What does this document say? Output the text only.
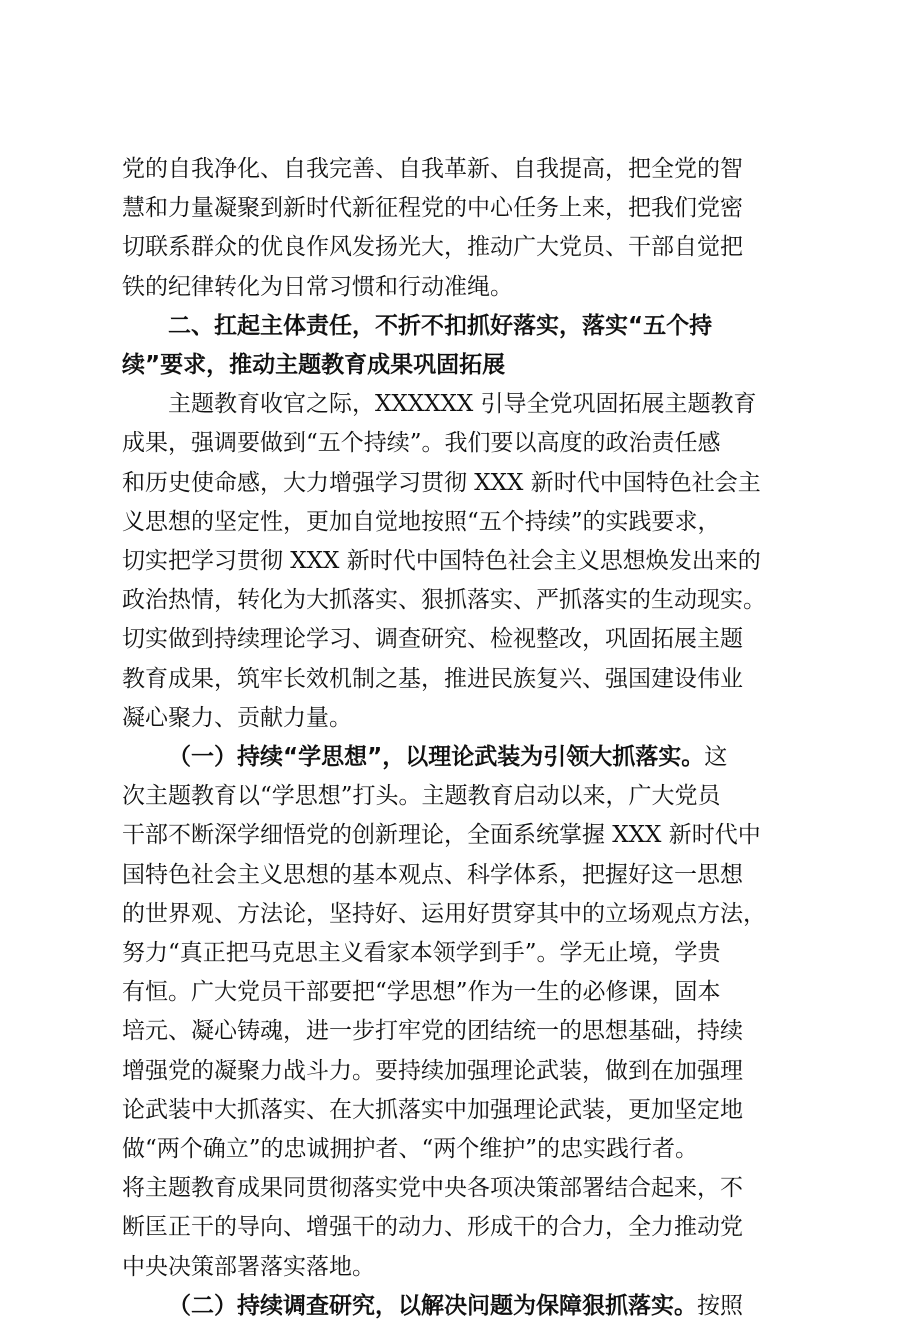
党的自我净化、自我完善、自我革新、自我提高，把全党的智
慧和力量凝聚到新时代新征程党的中心任务上来，把我们党密
切联系群众的优良作风发扬光大，推动广大党员、干部自觉把
铁的纪律转化为日常习惯和行动准绳。

二、扛起主体责任，不折不扣抓好落实，落实“五个持
续”要求，推动主题教育成果巩固拓展

主题教育收官之际，XXXXXX 引导全党巩固拓展主题教育
成果，强调要做到“五个持续”。我们要以高度的政治责任感
和历史使命感，大力增强学习贯彻 XXX 新时代中国特色社会主
义思想的坚定性，更加自觉地按照“五个持续”的实践要求，
切实把学习贯彻 XXX 新时代中国特色社会主义思想焕发出来的
政治热情，转化为大抓落实、狠抓落实、严抓落实的生动现实。
切实做到持续理论学习、调查研究、检视整改，巩固拓展主题
教育成果，筑牢长效机制之基，推进民族复兴、强国建设伟业
凝心聚力、贡献力量。

（一）持续“学思想”，以理论武装为引领大抓落实。这
次主题教育以“学思想”打头。主题教育启动以来，广大党员
干部不断深学细悟党的创新理论，全面系统掌握 XXX 新时代中
国特色社会主义思想的基本观点、科学体系，把握好这一思想
的世界观、方法论，坚持好、运用好贯穿其中的立场观点方法，
努力“真正把马克思主义看家本领学到手”。学无止境，学贵
有恒。广大党员干部要把“学思想”作为一生的必修课，固本
培元、凝心铸魂，进一步打牢党的团结统一的思想基础，持续
增强党的凝聚力战斗力。要持续加强理论武装，做到在加强理
论武装中大抓落实、在大抓落实中加强理论武装，更加坚定地
做“两个确立”的忠诚拥护者、“两个维护”的忠实践行者。
将主题教育成果同贯彻落实党中央各项决策部署结合起来，不
断匡正干的导向、增强干的动力、形成干的合力，全力推动党
中央决策部署落实落地。

（二）持续调查研究，以解决问题为保障狠抓落实。按照
